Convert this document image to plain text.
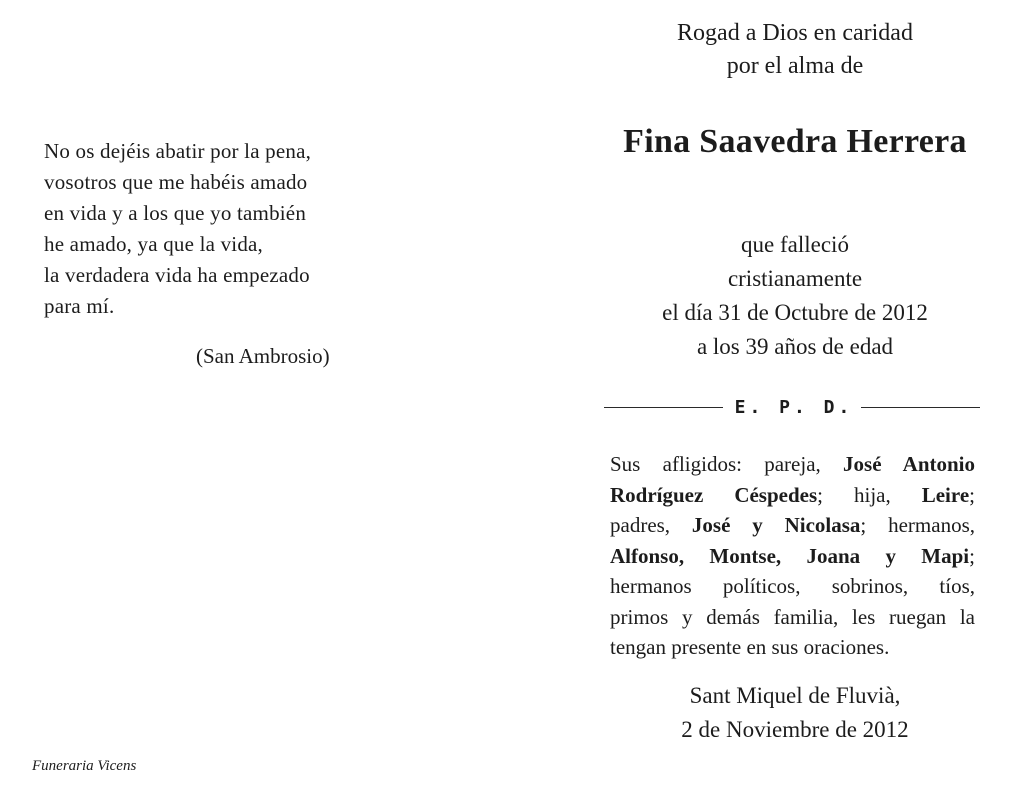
No os dejéis abatir por la pena,
vosotros que me habéis amado
en vida y a los que yo también
he amado, ya que la vida,
la verdadera vida ha empezado
para mí.
(San Ambrosio)
Funeraria Vicens
Rogad a Dios en caridad
por el alma de
Fina Saavedra Herrera
que falleció
cristianamente
el día 31 de Octubre de 2012
a los 39 años de edad
E. P. D.
Sus afligidos: pareja, José Antonio
Rodríguez Céspedes; hija, Leire;
padres, José y Nicolasa; hermanos,
Alfonso, Montse, Joana y Mapi;
hermanos políticos, sobrinos, tíos,
primos y demás familia, les ruegan la
tengan presente en sus oraciones.
Sant Miquel de Fluvià,
2 de Noviembre de 2012
